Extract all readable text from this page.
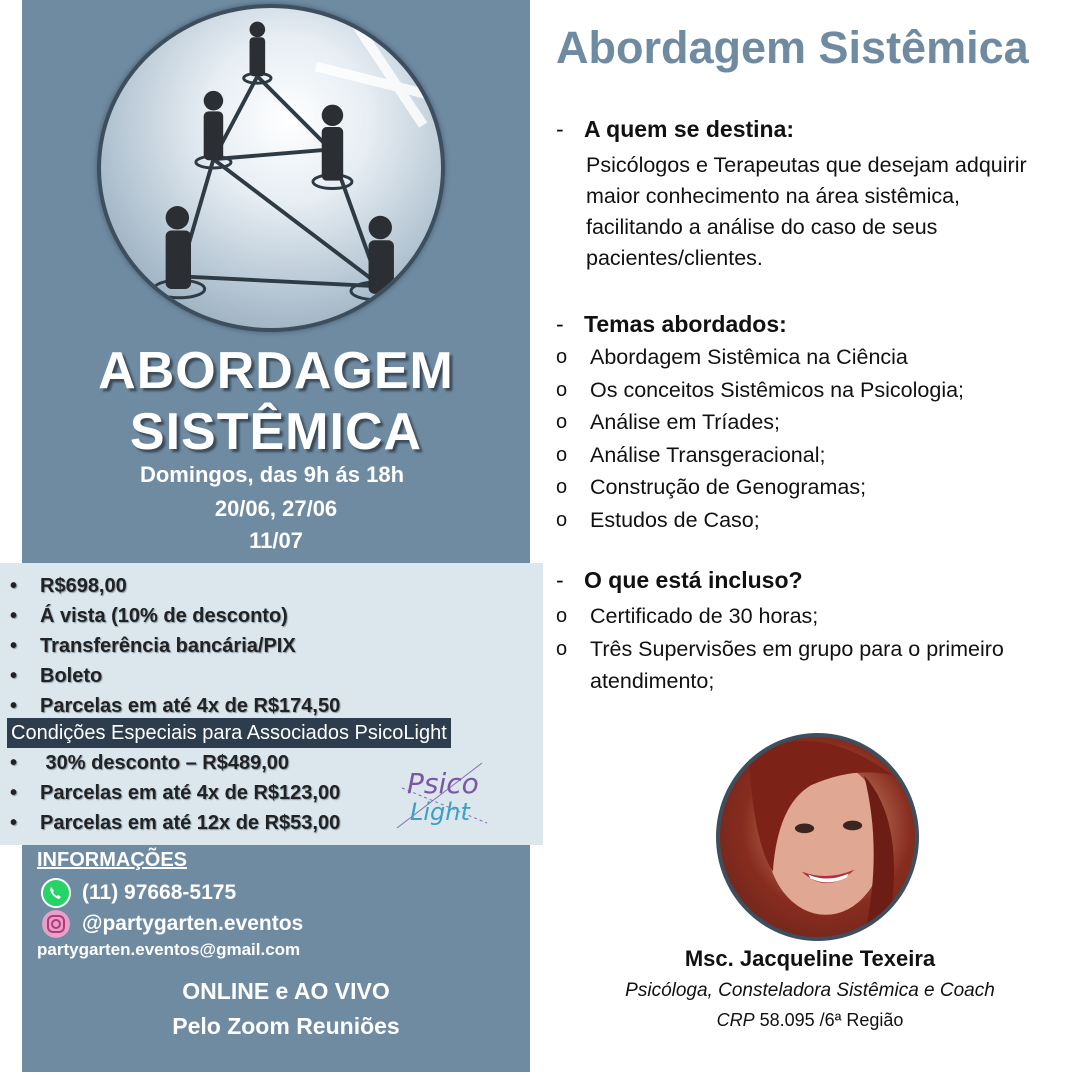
ABORDAGEM
SISTÊMICA
Domingos, das 9h ás 18h
20/06, 27/06
11/07
• R$698,00
• Á vista (10% de desconto)
• Transferência bancária/PIX
• Boleto
• Parcelas em até 4x de R$174,50
Condições Especiais para Associados PsicoLight
• 30% desconto – R$489,00
• Parcelas em até 4x de R$123,00
• Parcelas em até 12x de R$53,00
Psico
Light
INFORMAÇÕES
(11) 97668-5175
@partygarten.eventos
partygarten.eventos@gmail.com
ONLINE e AO VIVO
Pelo Zoom Reuniões
Abordagem Sistêmica
- A quem se destina:
Psicólogos e Terapeutas que desejam adquirir maior conhecimento na área sistêmica, facilitando a análise do caso de seus pacientes/clientes.
- Temas abordados:
o Abordagem Sistêmica na Ciência
o Os conceitos Sistêmicos na Psicologia;
o Análise em Tríades;
o Análise Transgeracional;
o Construção de Genogramas;
o Estudos de Caso;
- O que está incluso?
o Certificado de 30 horas;
o Três Supervisões em grupo para o primeiro atendimento;
Msc. Jacqueline Texeira
Psicóloga, Consteladora Sistêmica e Coach
CRP 58.095 /6ª Região
